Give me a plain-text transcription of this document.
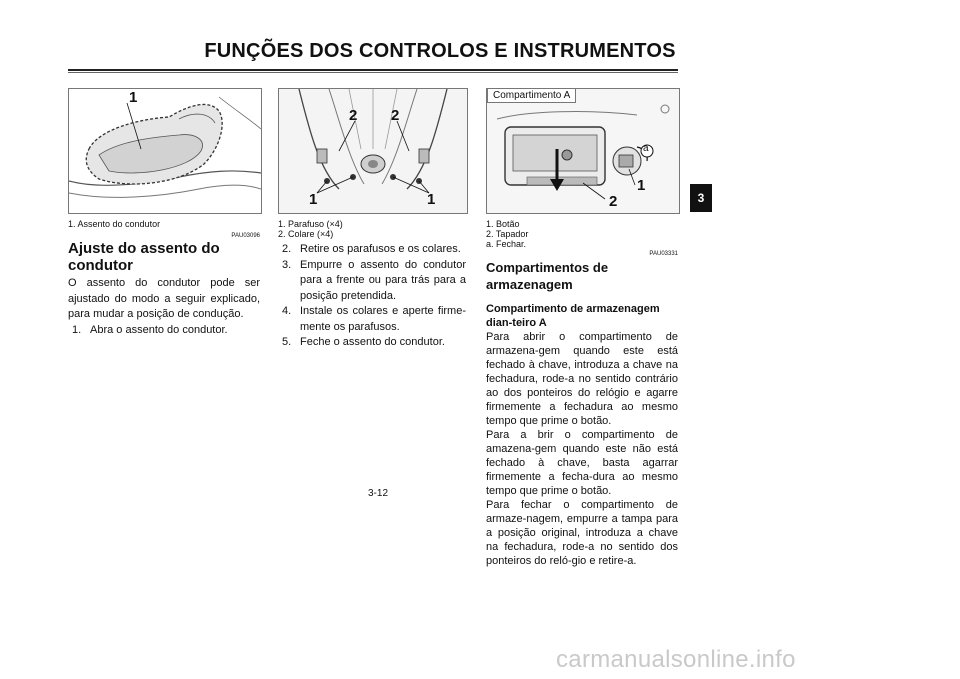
FUNÇÕES DOS CONTROLOS E INSTRUMENTOS
1
1. Assento do condutor
PAU03096
Ajuste do assento do condutor
O assento do condutor pode ser ajustado do modo a seguir explicado, para mudar a posição de condução.
1. Abra o assento do condutor.
2 2
1	1
1. Parafuso (×4)
2. Colare (×4)
2. Retire os parafusos e os colares.
3. Empurre o assento do condutor para a frente ou para trás para a posição pretendida.
4. Instale os colares e aperte firme-mente os parafusos.
5. Feche o assento do condutor.
a
1
2
Compartimento A
1. Botão
2. Tapador
a. Fechar.
PAU03331
Compartimentos de armazenagem
Compartimento de armazenagem dian-teiro A
Para abrir o compartimento de armazena-gem quando este está fechado à chave, introduza a chave na fechadura, rode-a no sentido contrário ao dos ponteiros do relógio e agarre firmemente a fechadura ao mesmo tempo que prime o botão.
Para a brir o compartimento de amazena-gem quando este não está fechado à chave, basta agarrar firmemente a fecha-dura ao mesmo tempo que prime o botão.
Para fechar o compartimento de armaze-nagem, empurre a tampa para a posição original, introduza a chave na fechadura, rode-a no sentido dos ponteiros do reló-gio e retire-a.
3
3-12
carmanualsonline.info
